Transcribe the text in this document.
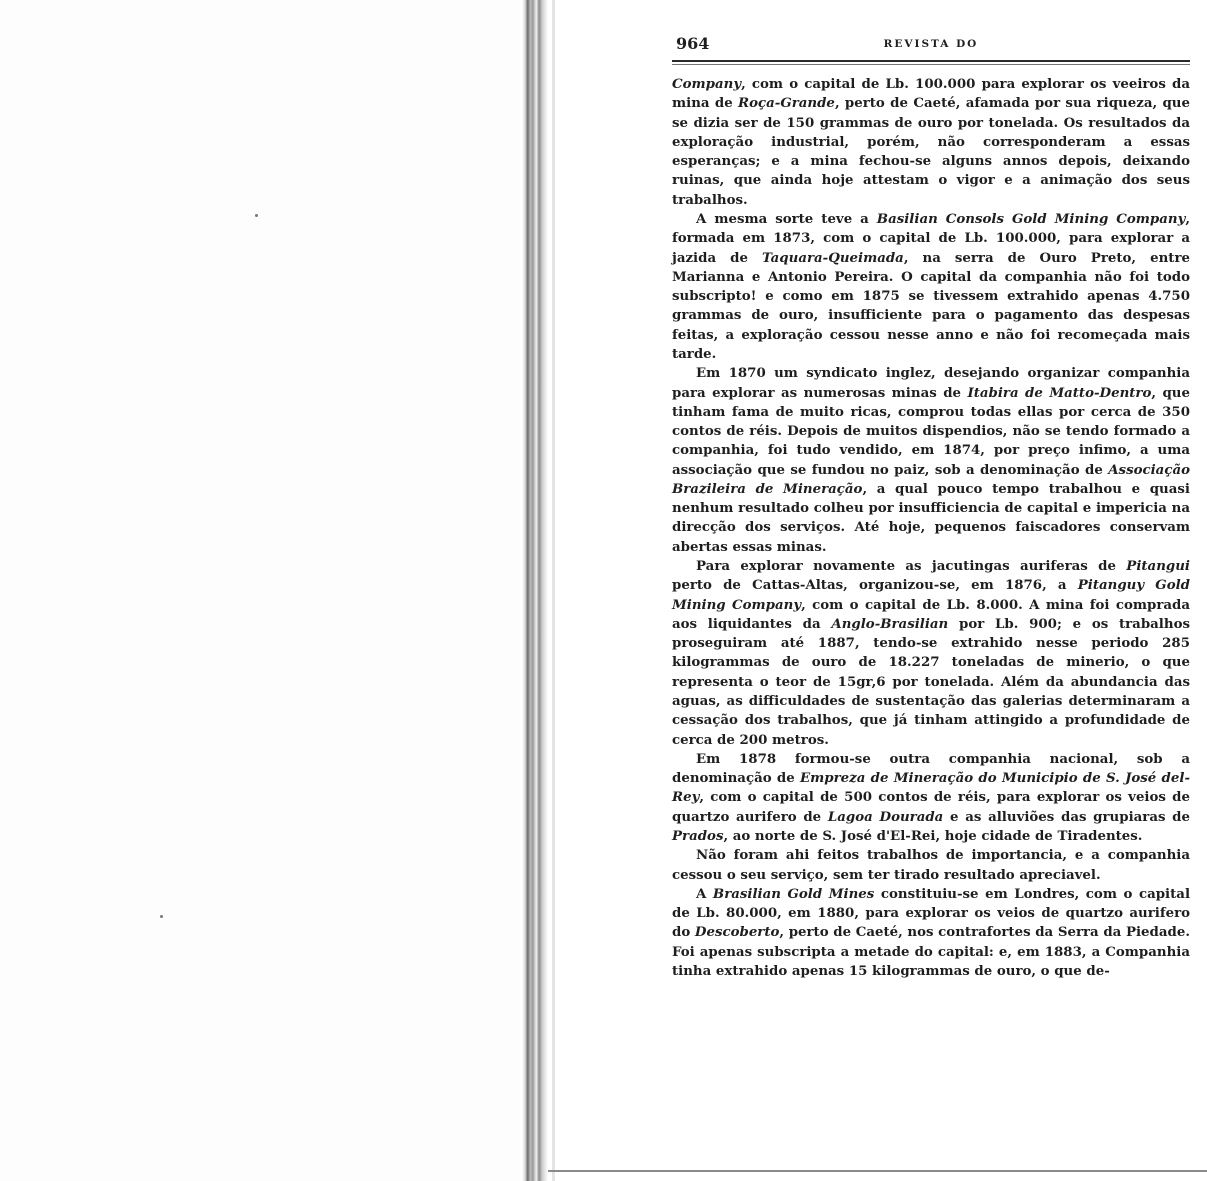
964	REVISTA DO

Company, com o capital de Lb. 100.000 para explorar os veeiros da mina de Roça-Grande, perto de Caeté, afamada por sua riqueza, que se dizia ser de 150 grammas de ouro por tonelada. Os resultados da exploração industrial, porém, não corresponderam a essas esperanças; e a mina fechou-se alguns annos depois, deixando ruinas, que ainda hoje attestam o vigor e a animação dos seus trabalhos.

A mesma sorte teve a Basilian Consols Gold Mining Company, formada em 1873, com o capital de Lb. 100.000, para explorar a jazida de Taquara-Queimada, na serra de Ouro Preto, entre Marianna e Antonio Pereira. O capital da companhia não foi todo subscripto! e como em 1875 se tivessem extrahido apenas 4.750 grammas de ouro, insufficiente para o pagamento das despesas feitas, a exploração cessou nesse anno e não foi recomeçada mais tarde.

Em 1870 um syndicato inglez, desejando organizar companhia para explorar as numerosas minas de Itabira de Matto-Dentro, que tinham fama de muito ricas, comprou todas ellas por cerca de 350 contos de réis. Depois de muitos dispendios, não se tendo formado a companhia, foi tudo vendido, em 1874, por preço infimo, a uma associação que se fundou no paiz, sob a denominação de Associação Brazileira de Mineração, a qual pouco tempo trabalhou e quasi nenhum resultado colheu por insufficiencia de capital e impericia na direcção dos serviços. Até hoje, pequenos faiscadores conservam abertas essas minas.

Para explorar novamente as jacutingas auriferas de Pitangui perto de Cattas-Altas, organizou-se, em 1876, a Pitanguy Gold Mining Company, com o capital de Lb. 8.000. A mina foi comprada aos liquidantes da Anglo-Brasilian por Lb. 900; e os trabalhos proseguiram até 1887, tendo-se extrahido nesse periodo 285 kilogrammas de ouro de 18.227 toneladas de minerio, o que representa o teor de 15gr,6 por tonelada. Além da abundancia das aguas, as difficuldades de sustentação das galerias determinaram a cessação dos trabalhos, que já tinham attingido a profundidade de cerca de 200 metros.

Em 1878 formou-se outra companhia nacional, sob a denominação de Empreza de Mineração do Municipio de S. José del-Rey, com o capital de 500 contos de réis, para explorar os veios de quartzo aurifero de Lagoa Dourada e as alluviões das grupiaras de Prados, ao norte de S. José d'El-Rei, hoje cidade de Tiradentes.

Não foram ahi feitos trabalhos de importancia, e a companhia cessou o seu serviço, sem ter tirado resultado apreciavel.

A Brasilian Gold Mines constituiu-se em Londres, com o capital de Lb. 80.000, em 1880, para explorar os veios de quartzo aurifero do Descoberto, perto de Caeté, nos contrafortes da Serra da Piedade. Foi apenas subscripta a metade do capital: e, em 1883, a Companhia tinha extrahido apenas 15 kilogrammas de ouro, o que de-
